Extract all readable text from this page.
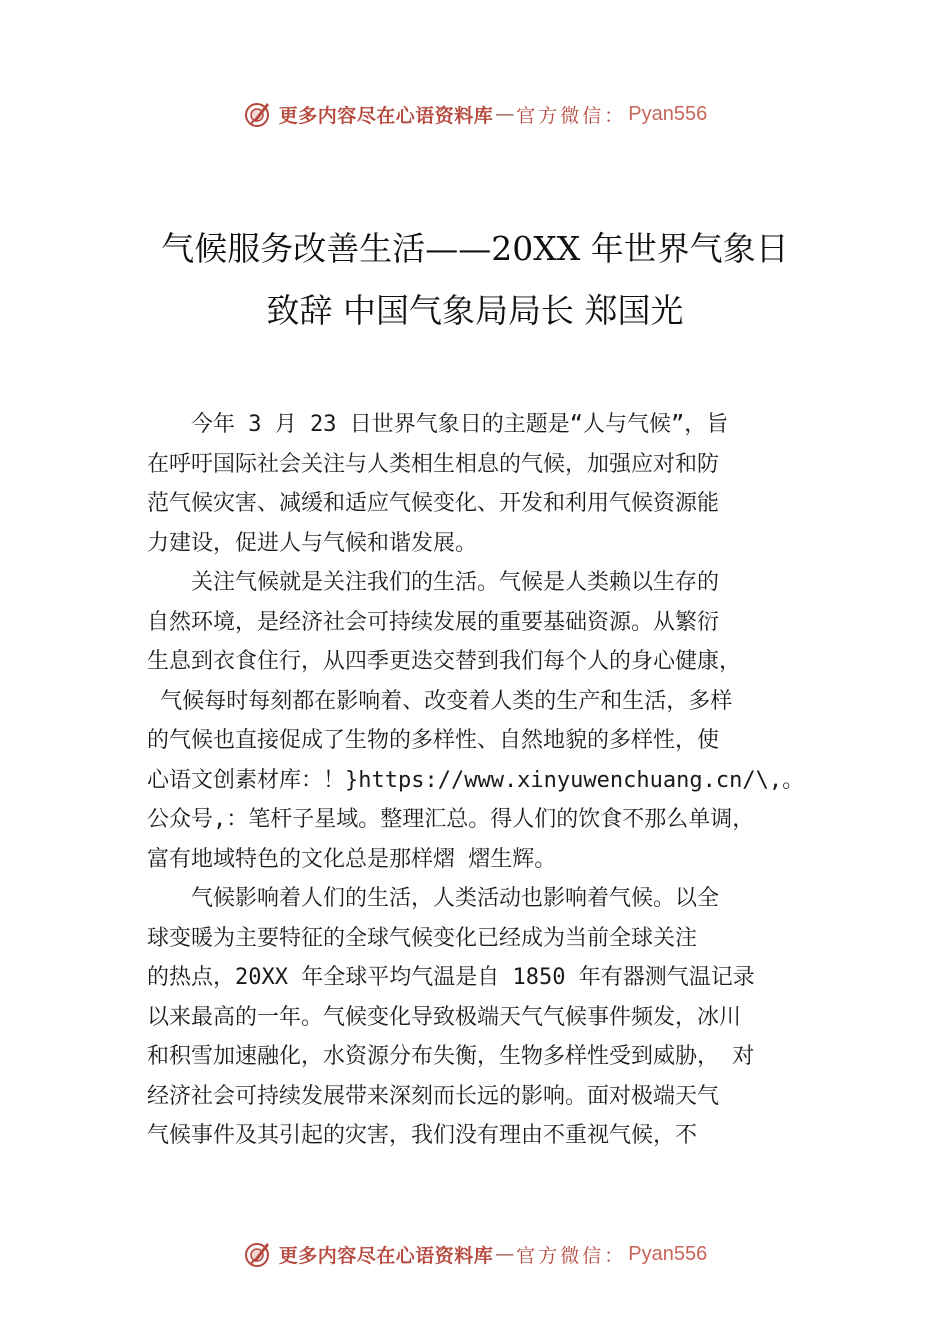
更多内容尽在心语资料库 — 官方微信： Pyan556
气候服务改善生活——20XX 年世界气象日
致辞 中国气象局局长 郑国光
今年 3 月 23 日世界气象日的主题是“人与气候”，旨
在呼吁国际社会关注与人类相生相息的气候，加强应对和防
范气候灾害、减缓和适应气候变化、开发和利用气候资源能
力建设，促进人与气候和谐发展。
关注气候就是关注我们的生活。气候是人类赖以生存的
自然环境，是经济社会可持续发展的重要基础资源。从繁衍
生息到衣食住行，从四季更迭交替到我们每个人的身心健康，
气候每时每刻都在影响着、改变着人类的生产和生活，多样
的气候也直接促成了生物的多样性、自然地貌的多样性，使
心语文创素材库：！}https://www.xinyuwenchuang.cn/\,。
公众号,：笔杆子星域。整理汇总。得人们的饮食不那么单调，
富有地域特色的文化总是那样熠 熠生辉。
气候影响着人们的生活，人类活动也影响着气候。以全
球变暖为主要特征的全球气候变化已经成为当前全球关注
的热点，20XX 年全球平均气温是自 1850 年有器测气温记录
以来最高的一年。气候变化导致极端天气气候事件频发，冰川
和积雪加速融化，水资源分布失衡，生物多样性受到威胁， 对
经济社会可持续发展带来深刻而长远的影响。面对极端天气
气候事件及其引起的灾害，我们没有理由不重视气候，不
更多内容尽在心语资料库 — 官方微信： Pyan556
